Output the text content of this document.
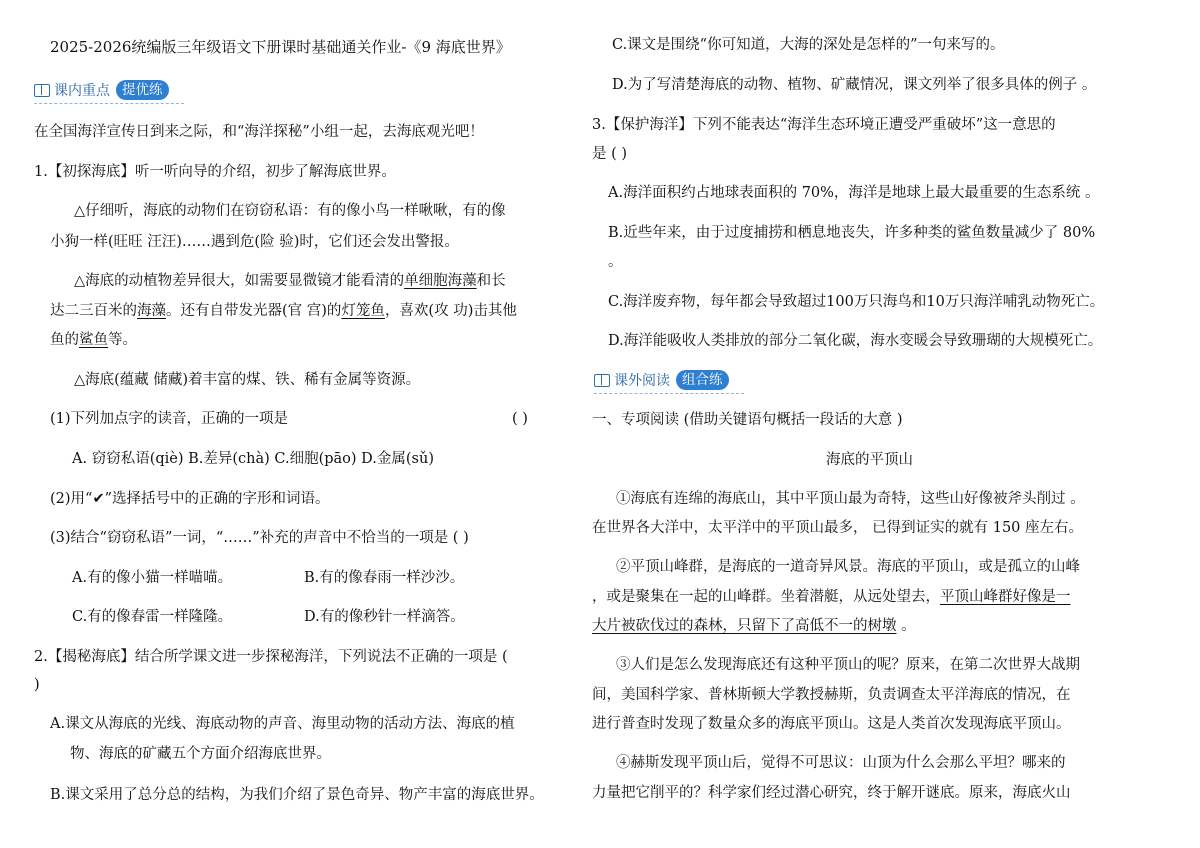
2025-2026统编版三年级语文下册课时基础通关作业-《9 海底世界》
课内重点 提优练
在全国海洋宣传日到来之际，和“海洋探秘”小组一起，去海底观光吧！
1.【初探海底】听一听向导的介绍，初步了解海底世界。
△仔细听，海底的动物们在窃窃私语：有的像小鸟一样啾啾，有的像
小狗一样(旺旺 汪汪)……遇到危(险 验)时，它们还会发出警报。
△海底的动植物差异很大，如需要显微镜才能看清的单细胞海藻和长
达二三百米的海藻。还有自带发光器(官 宫)的灯笼鱼，喜欢(攻 功)击其他
鱼的鲨鱼等。
△海底(蕴藏 储藏)着丰富的煤、铁、稀有金属等资源。
(1)下列加点字的读音，正确的一项是	( )
A. 窃窃私语(qiè) B.差异(chà) C.细胞(pāo) D.金属(sǔ)
(2)用“✔”选择括号中的正确的字形和词语。
(3)结合“窃窃私语”一词，“……”补充的声音中不恰当的一项是 ( )
A.有的像小猫一样喵喵。	B.有的像春雨一样沙沙。
C.有的像春雷一样隆隆。	D.有的像秒针一样滴答。
2.【揭秘海底】结合所学课文进一步探秘海洋，下列说法不正确的一项是 (
)
A.课文从海底的光线、海底动物的声音、海里动物的活动方法、海底的植
物、海底的矿藏五个方面介绍海底世界。
B.课文采用了总分总的结构，为我们介绍了景色奇异、物产丰富的海底世界。
C.课文是围绕“你可知道，大海的深处是怎样的”一句来写的。
D.为了写清楚海底的动物、植物、矿藏情况，课文列举了很多具体的例子 。
3.【保护海洋】下列不能表达“海洋生态环境正遭受严重破坏”这一意思的
是 ( )
A.海洋面积约占地球表面积的 70%，海洋是地球上最大最重要的生态系统 。
B.近些年来，由于过度捕捞和栖息地丧失，许多种类的鲨鱼数量减少了 80%
。
C.海洋废弃物，每年都会导致超过100万只海鸟和10万只海洋哺乳动物死亡。
D.海洋能吸收人类排放的部分二氧化碳，海水变暖会导致珊瑚的大规模死亡。
课外阅读 组合练
一、专项阅读 (借助关键语句概括一段话的大意 )
海底的平顶山
①海底有连绵的海底山，其中平顶山最为奇特，这些山好像被斧头削过 。
在世界各大洋中，太平洋中的平顶山最多， 已得到证实的就有 150 座左右。
②平顶山峰群，是海底的一道奇异风景。海底的平顶山，或是孤立的山峰
，或是聚集在一起的山峰群。坐着潜艇，从远处望去，平顶山峰群好像是一
大片被砍伐过的森林，只留下了高低不一的树墩 。
③人们是怎么发现海底还有这种平顶山的呢？原来，在第二次世界大战期
间，美国科学家、普林斯顿大学教授赫斯，负责调查太平洋海底的情况，在
进行普查时发现了数量众多的海底平顶山。这是人类首次发现海底平顶山。
④赫斯发现平顶山后，觉得不可思议：山顶为什么会那么平坦？哪来的
力量把它削平的？科学家们经过潜心研究，终于解开谜底。原来，海底火山
